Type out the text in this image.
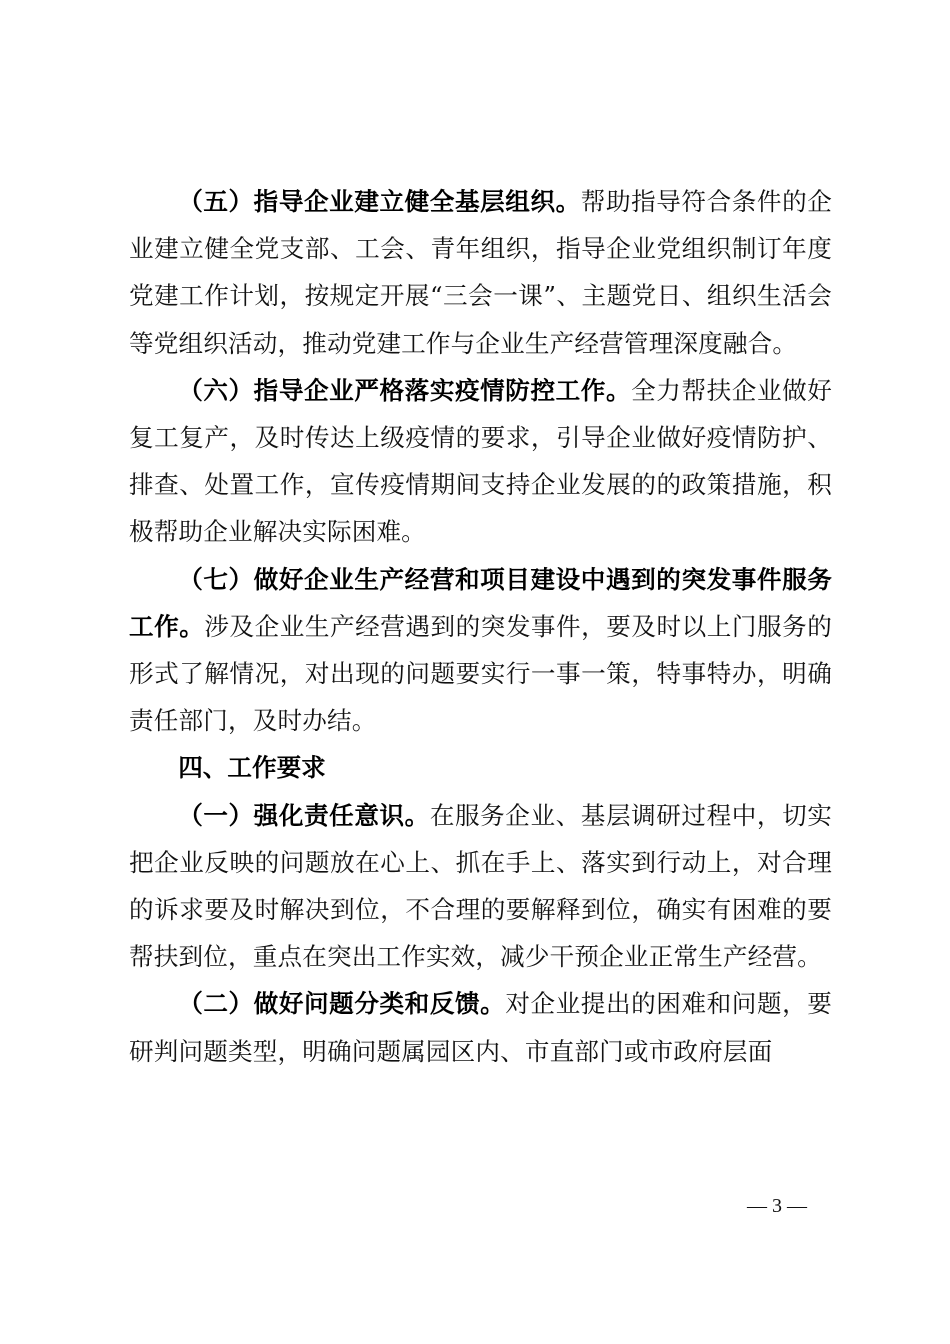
（五）指导企业建立健全基层组织。帮助指导符合条件的企业建立健全党支部、工会、青年组织，指导企业党组织制订年度党建工作计划，按规定开展“三会一课”、主题党日、组织生活会等党组织活动，推动党建工作与企业生产经营管理深度融合。

（六）指导企业严格落实疫情防控工作。全力帮扶企业做好复工复产，及时传达上级疫情的要求，引导企业做好疫情防护、排查、处置工作，宣传疫情期间支持企业发展的的政策措施，积极帮助企业解决实际困难。

（七）做好企业生产经营和项目建设中遇到的突发事件服务工作。涉及企业生产经营遇到的突发事件，要及时以上门服务的形式了解情况，对出现的问题要实行一事一策，特事特办，明确责任部门，及时办结。

四、工作要求

（一）强化责任意识。在服务企业、基层调研过程中，切实把企业反映的问题放在心上、抓在手上、落实到行动上，对合理的诉求要及时解决到位，不合理的要解释到位，确实有困难的要帮扶到位，重点在突出工作实效，减少干预企业正常生产经营。

（二）做好问题分类和反馈。对企业提出的困难和问题，要研判问题类型，明确问题属园区内、市直部门或市政府层面

— 3 —
